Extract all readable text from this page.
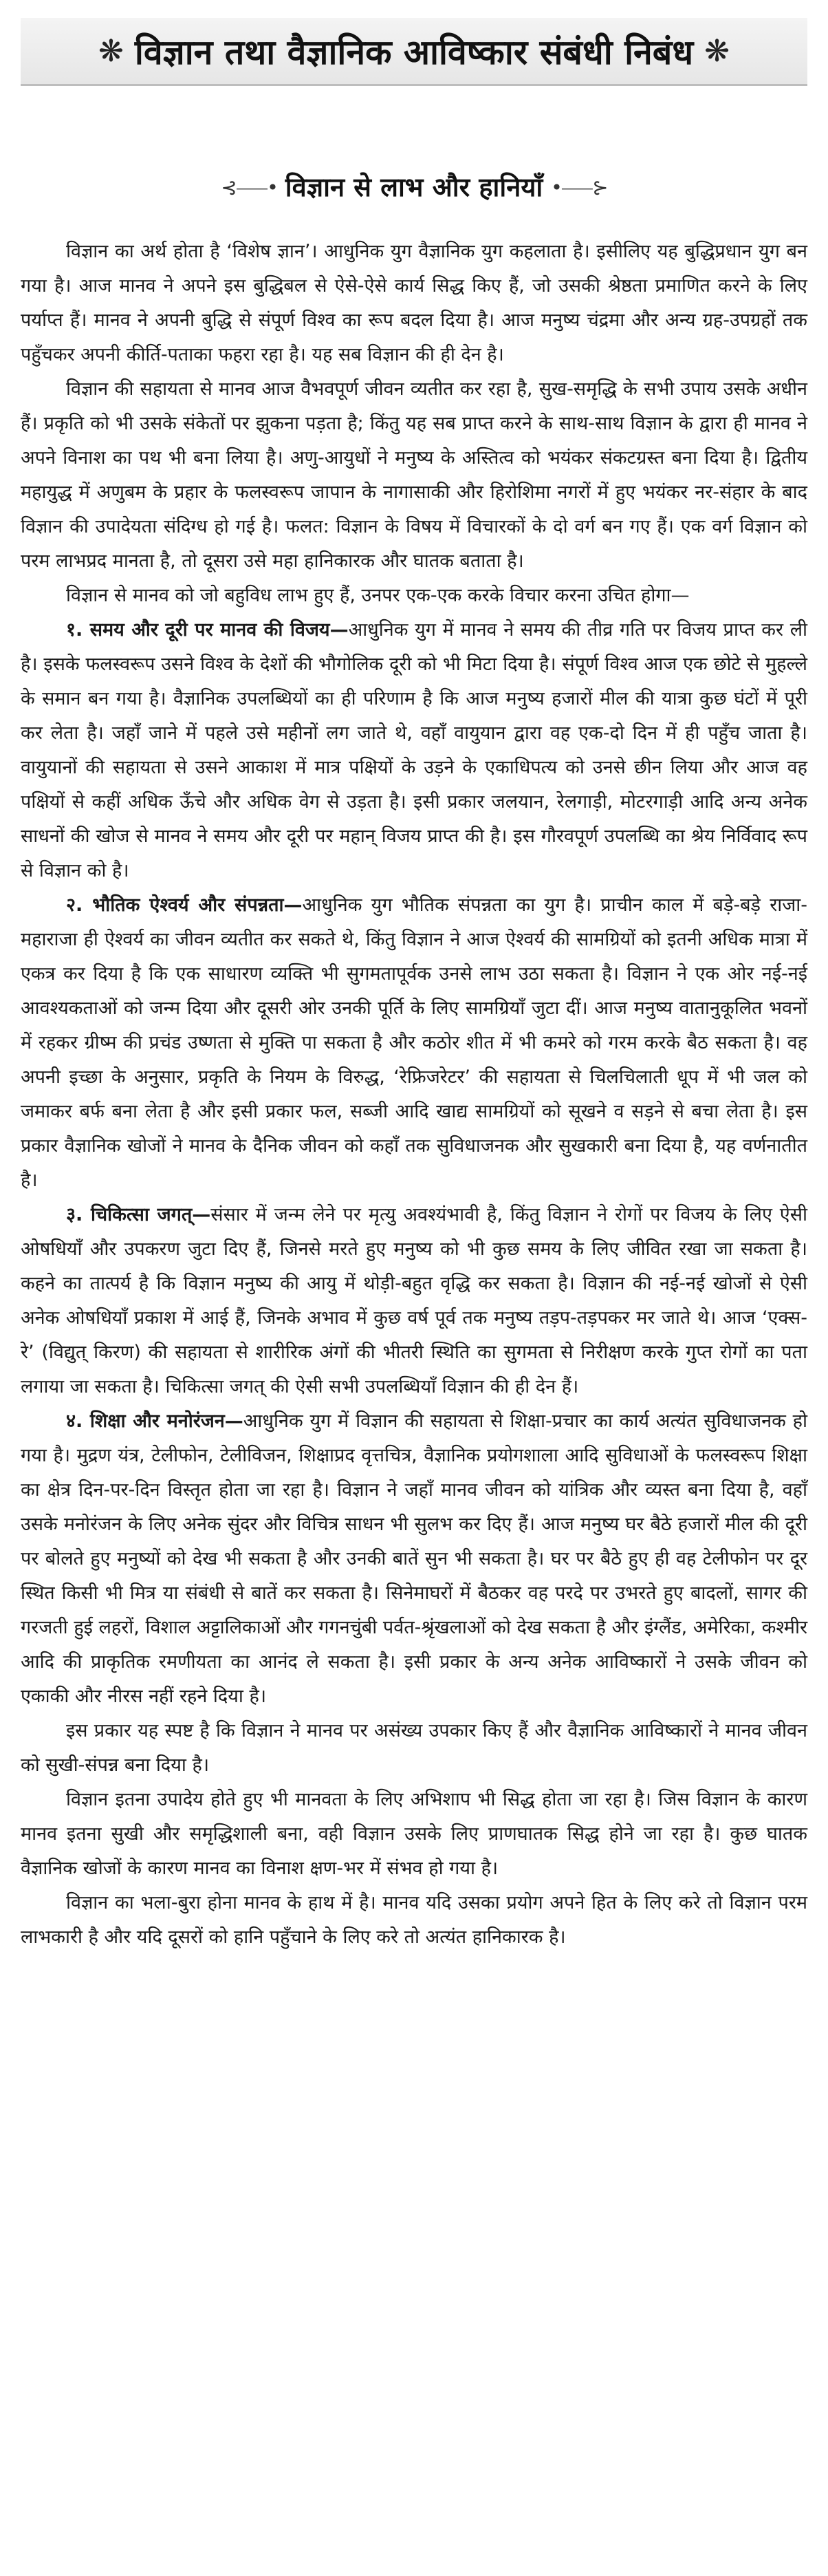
❋ विज्ञान तथा वैज्ञानिक आविष्कार संबंधी निबंध ❋
⊰⸺• विज्ञान से लाभ और हानियाँ •⸺⊱

विज्ञान का अर्थ होता है ‘विशेष ज्ञान’। आधुनिक युग वैज्ञानिक युग कहलाता है। इसीलिए यह बुद्धिप्रधान युग बन गया है। आज मानव ने अपने इस बुद्धिबल से ऐसे-ऐसे कार्य सिद्ध किए हैं, जो उसकी श्रेष्ठता प्रमाणित करने के लिए पर्याप्त हैं। मानव ने अपनी बुद्धि से संपूर्ण विश्व का रूप बदल दिया है। आज मनुष्य चंद्रमा और अन्य ग्रह-उपग्रहों तक पहुँचकर अपनी कीर्ति-पताका फहरा रहा है। यह सब विज्ञान की ही देन है।

विज्ञान की सहायता से मानव आज वैभवपूर्ण जीवन व्यतीत कर रहा है, सुख-समृद्धि के सभी उपाय उसके अधीन हैं। प्रकृति को भी उसके संकेतों पर झुकना पड़ता है; किंतु यह सब प्राप्त करने के साथ-साथ विज्ञान के द्वारा ही मानव ने अपने विनाश का पथ भी बना लिया है। अणु-आयुधों ने मनुष्य के अस्तित्व को भयंकर संकटग्रस्त बना दिया है। द्वितीय महायुद्ध में अणुबम के प्रहार के फलस्वरूप जापान के नागासाकी और हिरोशिमा नगरों में हुए भयंकर नर-संहार के बाद विज्ञान की उपादेयता संदिग्ध हो गई है। फलत: विज्ञान के विषय में विचारकों के दो वर्ग बन गए हैं। एक वर्ग विज्ञान को परम लाभप्रद मानता है, तो दूसरा उसे महा हानिकारक और घातक बताता है।

विज्ञान से मानव को जो बहुविध लाभ हुए हैं, उनपर एक-एक करके विचार करना उचित होगा—

१. समय और दूरी पर मानव की विजय—आधुनिक युग में मानव ने समय की तीव्र गति पर विजय प्राप्त कर ली है। इसके फलस्वरूप उसने विश्व के देशों की भौगोलिक दूरी को भी मिटा दिया है। संपूर्ण विश्व आज एक छोटे से मुहल्ले के समान बन गया है। वैज्ञानिक उपलब्धियों का ही परिणाम है कि आज मनुष्य हजारों मील की यात्रा कुछ घंटों में पूरी कर लेता है। जहाँ जाने में पहले उसे महीनों लग जाते थे, वहाँ वायुयान द्वारा वह एक-दो दिन में ही पहुँच जाता है। वायुयानों की सहायता से उसने आकाश में मात्र पक्षियों के उड़ने के एकाधिपत्य को उनसे छीन लिया और आज वह पक्षियों से कहीं अधिक ऊँचे और अधिक वेग से उड़ता है। इसी प्रकार जलयान, रेलगाड़ी, मोटरगाड़ी आदि अन्य अनेक साधनों की खोज से मानव ने समय और दूरी पर महान् विजय प्राप्त की है। इस गौरवपूर्ण उपलब्धि का श्रेय निर्विवाद रूप से विज्ञान को है।

२. भौतिक ऐश्वर्य और संपन्नता—आधुनिक युग भौतिक संपन्नता का युग है। प्राचीन काल में बड़े-बड़े राजा-महाराजा ही ऐश्वर्य का जीवन व्यतीत कर सकते थे, किंतु विज्ञान ने आज ऐश्वर्य की सामग्रियों को इतनी अधिक मात्रा में एकत्र कर दिया है कि एक साधारण व्यक्ति भी सुगमतापूर्वक उनसे लाभ उठा सकता है। विज्ञान ने एक ओर नई-नई आवश्यकताओं को जन्म दिया और दूसरी ओर उनकी पूर्ति के लिए सामग्रियाँ जुटा दीं। आज मनुष्य वातानुकूलित भवनों में रहकर ग्रीष्म की प्रचंड उष्णता से मुक्ति पा सकता है और कठोर शीत में भी कमरे को गरम करके बैठ सकता है। वह अपनी इच्छा के अनुसार, प्रकृति के नियम के विरुद्ध, ‘रेफ्रिजरेटर’ की सहायता से चिलचिलाती धूप में भी जल को जमाकर बर्फ बना लेता है और इसी प्रकार फल, सब्जी आदि खाद्य सामग्रियों को सूखने व सड़ने से बचा लेता है। इस प्रकार वैज्ञानिक खोजों ने मानव के दैनिक जीवन को कहाँ तक सुविधाजनक और सुखकारी बना दिया है, यह वर्णनातीत है।

३. चिकित्सा जगत्—संसार में जन्म लेने पर मृत्यु अवश्यंभावी है, किंतु विज्ञान ने रोगों पर विजय के लिए ऐसी ओषधियाँ और उपकरण जुटा दिए हैं, जिनसे मरते हुए मनुष्य को भी कुछ समय के लिए जीवित रखा जा सकता है। कहने का तात्पर्य है कि विज्ञान मनुष्य की आयु में थोड़ी-बहुत वृद्धि कर सकता है। विज्ञान की नई-नई खोजों से ऐसी अनेक ओषधियाँ प्रकाश में आई हैं, जिनके अभाव में कुछ वर्ष पूर्व तक मनुष्य तड़प-तड़पकर मर जाते थे। आज ‘एक्स-रे’ (विद्युत् किरण) की सहायता से शारीरिक अंगों की भीतरी स्थिति का सुगमता से निरीक्षण करके गुप्त रोगों का पता लगाया जा सकता है। चिकित्सा जगत् की ऐसी सभी उपलब्धियाँ विज्ञान की ही देन हैं।

४. शिक्षा और मनोरंजन—आधुनिक युग में विज्ञान की सहायता से शिक्षा-प्रचार का कार्य अत्यंत सुविधाजनक हो गया है। मुद्रण यंत्र, टेलीफोन, टेलीविजन, शिक्षाप्रद वृत्तचित्र, वैज्ञानिक प्रयोगशाला आदि सुविधाओं के फलस्वरूप शिक्षा का क्षेत्र दिन-पर-दिन विस्तृत होता जा रहा है। विज्ञान ने जहाँ मानव जीवन को यांत्रिक और व्यस्त बना दिया है, वहाँ उसके मनोरंजन के लिए अनेक सुंदर और विचित्र साधन भी सुलभ कर दिए हैं। आज मनुष्य घर बैठे हजारों मील की दूरी पर बोलते हुए मनुष्यों को देख भी सकता है और उनकी बातें सुन भी सकता है। घर पर बैठे हुए ही वह टेलीफोन पर दूर स्थित किसी भी मित्र या संबंधी से बातें कर सकता है। सिनेमाघरों में बैठकर वह परदे पर उभरते हुए बादलों, सागर की गरजती हुई लहरों, विशाल अट्टालिकाओं और गगनचुंबी पर्वत-श्रृंखलाओं को देख सकता है और इंग्लैंड, अमेरिका, कश्मीर आदि की प्राकृतिक रमणीयता का आनंद ले सकता है। इसी प्रकार के अन्य अनेक आविष्कारों ने उसके जीवन को एकाकी और नीरस नहीं रहने दिया है।

इस प्रकार यह स्पष्ट है कि विज्ञान ने मानव पर असंख्य उपकार किए हैं और वैज्ञानिक आविष्कारों ने मानव जीवन को सुखी-संपन्न बना दिया है।

विज्ञान इतना उपादेय होते हुए भी मानवता के लिए अभिशाप भी सिद्ध होता जा रहा है। जिस विज्ञान के कारण मानव इतना सुखी और समृद्धिशाली बना, वही विज्ञान उसके लिए प्राणघातक सिद्ध होने जा रहा है। कुछ घातक वैज्ञानिक खोजों के कारण मानव का विनाश क्षण-भर में संभव हो गया है।

विज्ञान का भला-बुरा होना मानव के हाथ में है। मानव यदि उसका प्रयोग अपने हित के लिए करे तो विज्ञान परम लाभकारी है और यदि दूसरों को हानि पहुँचाने के लिए करे तो अत्यंत हानिकारक है।
